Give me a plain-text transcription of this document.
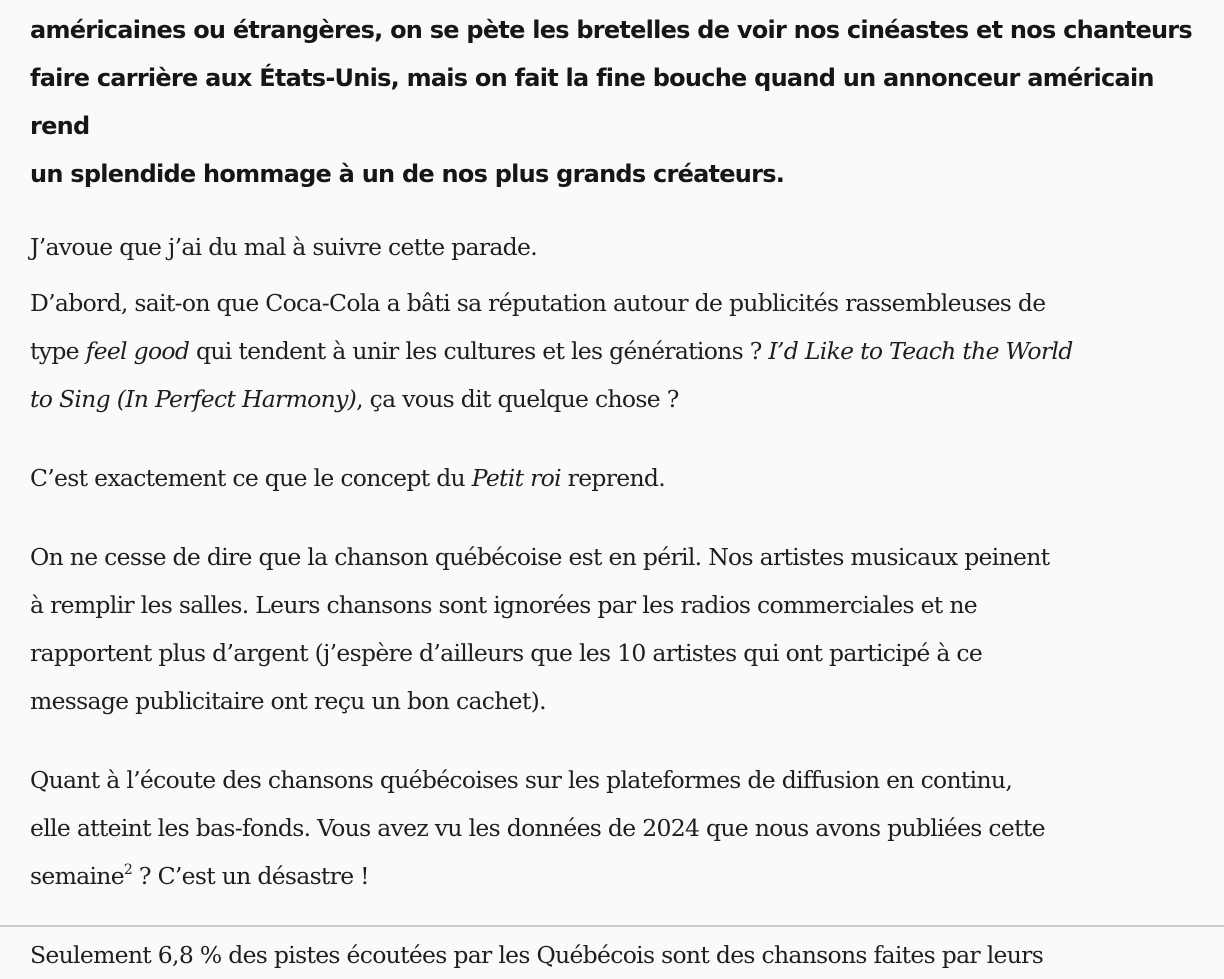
américaines ou étrangères, on se pète les bretelles de voir nos cinéastes et nos chanteurs
faire carrière aux États-Unis, mais on fait la fine bouche quand un annonceur américain rend
un splendide hommage à un de nos plus grands créateurs.

J’avoue que j’ai du mal à suivre cette parade.

D’abord, sait-on que Coca-Cola a bâti sa réputation autour de publicités rassembleuses de
type feel good qui tendent à unir les cultures et les générations ? I’d Like to Teach the World
to Sing (In Perfect Harmony), ça vous dit quelque chose ?

C’est exactement ce que le concept du Petit roi reprend.

On ne cesse de dire que la chanson québécoise est en péril. Nos artistes musicaux peinent
à remplir les salles. Leurs chansons sont ignorées par les radios commerciales et ne
rapportent plus d’argent (j’espère d’ailleurs que les 10 artistes qui ont participé à ce
message publicitaire ont reçu un bon cachet).

Quant à l’écoute des chansons québécoises sur les plateformes de diffusion en continu,
elle atteint les bas-fonds. Vous avez vu les données de 2024 que nous avons publiées cette
semaine$^2$ ? C’est un désastre !

Seulement 6,8 % des pistes écoutées par les Québécois sont des chansons faites par leurs
